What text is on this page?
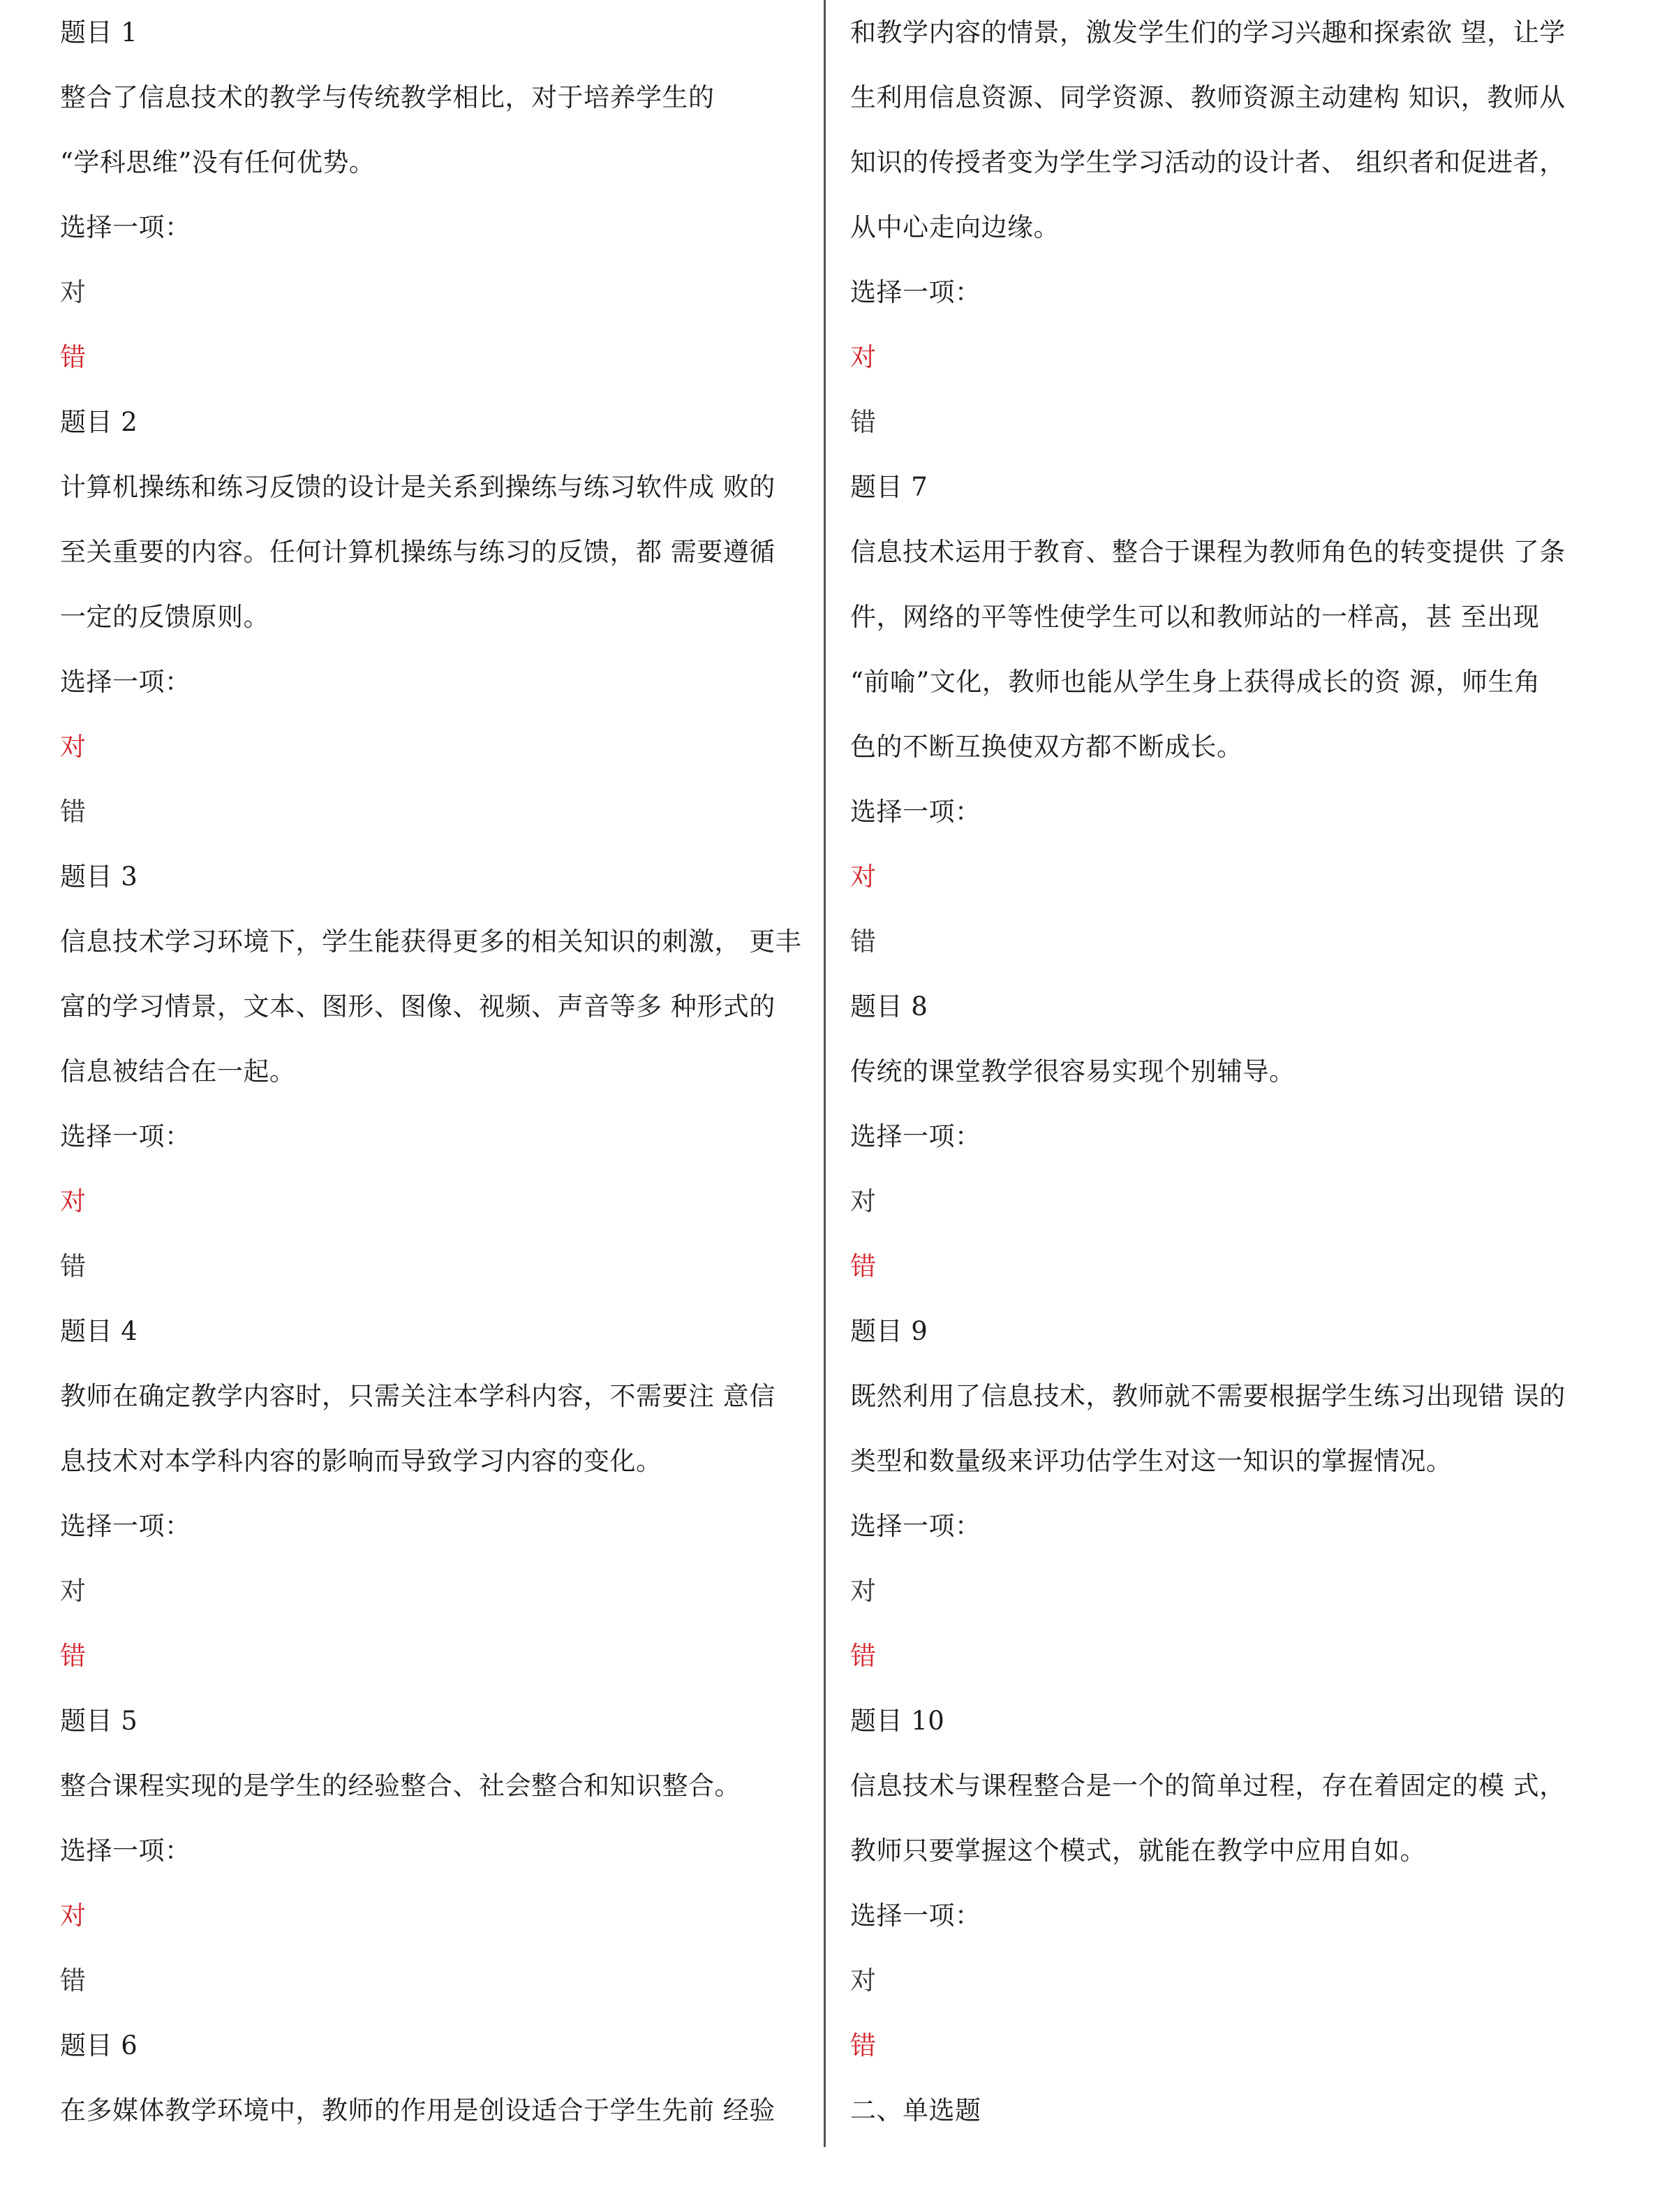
题目 1
整合了信息技术的教学与传统教学相比，对于培养学生的
“学科思维”没有任何优势。
选择一项：
对
错
题目 2
计算机操练和练习反馈的设计是关系到操练与练习软件成 败的
至关重要的内容。任何计算机操练与练习的反馈，都 需要遵循
一定的反馈原则。
选择一项：
对
错
题目 3
信息技术学习环境下，学生能获得更多的相关知识的刺激， 更丰
富的学习情景，文本、图形、图像、视频、声音等多 种形式的
信息被结合在一起。
选择一项：
对
错
题目 4
教师在确定教学内容时，只需关注本学科内容，不需要注 意信
息技术对本学科内容的影响而导致学习内容的变化。
选择一项：
对
错
题目 5
整合课程实现的是学生的经验整合、社会整合和知识整合。
选择一项：
对
错
题目 6
在多媒体教学环境中，教师的作用是创设适合于学生先前 经验
和教学内容的情景，激发学生们的学习兴趣和探索欲 望，让学
生利用信息资源、同学资源、教师资源主动建构 知识，教师从
知识的传授者变为学生学习活动的设计者、 组织者和促进者，
从中心走向边缘。
选择一项：
对
错
题目 7
信息技术运用于教育、整合于课程为教师角色的转变提供 了条
件，网络的平等性使学生可以和教师站的一样高，甚 至出现
“前喻”文化，教师也能从学生身上获得成长的资 源，师生角
色的不断互换使双方都不断成长。
选择一项：
对
错
题目 8
传统的课堂教学很容易实现个别辅导。
选择一项：
对
错
题目 9
既然利用了信息技术，教师就不需要根据学生练习出现错 误的
类型和数量级来评功估学生对这一知识的掌握情况。
选择一项：
对
错
题目 10
信息技术与课程整合是一个的简单过程，存在着固定的模 式，
教师只要掌握这个模式，就能在教学中应用自如。
选择一项：
对
错
二、单选题
